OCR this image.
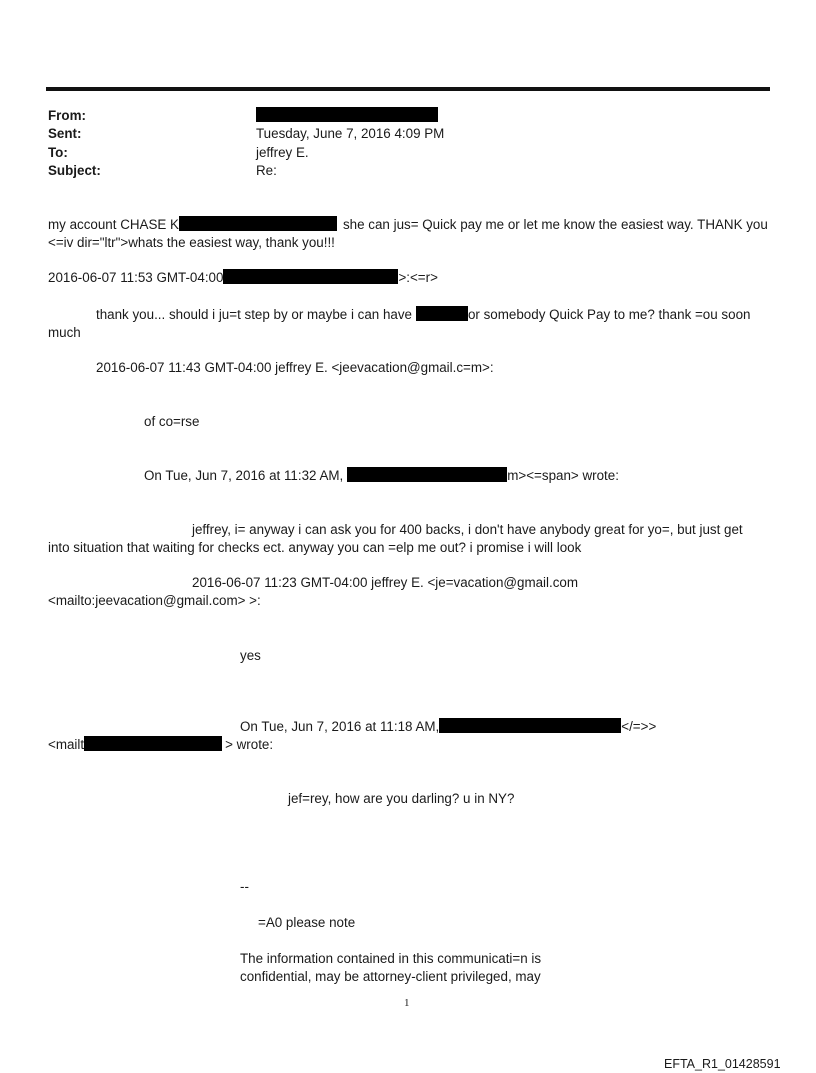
From:
Sent:	Tuesday, June 7, 2016 4:09 PM
To:	jeffrey E.
Subject:	Re:
my account CHASE K	she can jus= Quick pay me or let me know the easiest way. THANK you
<=iv dir="ltr">whats the easiest way, thank you!!!
2016-06-07 11:53 GMT-04:00	>:<=r>
thank you... should i ju=t step by or maybe i can have	or somebody Quick Pay to me? thank =ou soon
much
2016-06-07 11:43 GMT-04:00 jeffrey E. <jeevacation@gmail.c=m>:
of co=rse
On Tue, Jun 7, 2016 at 11:32 AM,	m><=span> wrote:
jeffrey, i= anyway i can ask you for 400 backs, i don't have anybody great for yo=, but just get
into situation that waiting for checks ect. anyway you can =elp me out? i promise i will look
2016-06-07 11:23 GMT-04:00 jeffrey E. <je=vacation@gmail.com
<mailto:jeevacation@gmail.com> >:
yes
On Tue, Jun 7, 2016 at 11:18 AM,	</=>>
<mailt	> wrote:
jef=rey, how are you darling? u in NY?
--
=A0 please note
The information contained in this communicati=n is
confidential, may be attorney-client privileged, may
1
EFTA_R1_01428591
